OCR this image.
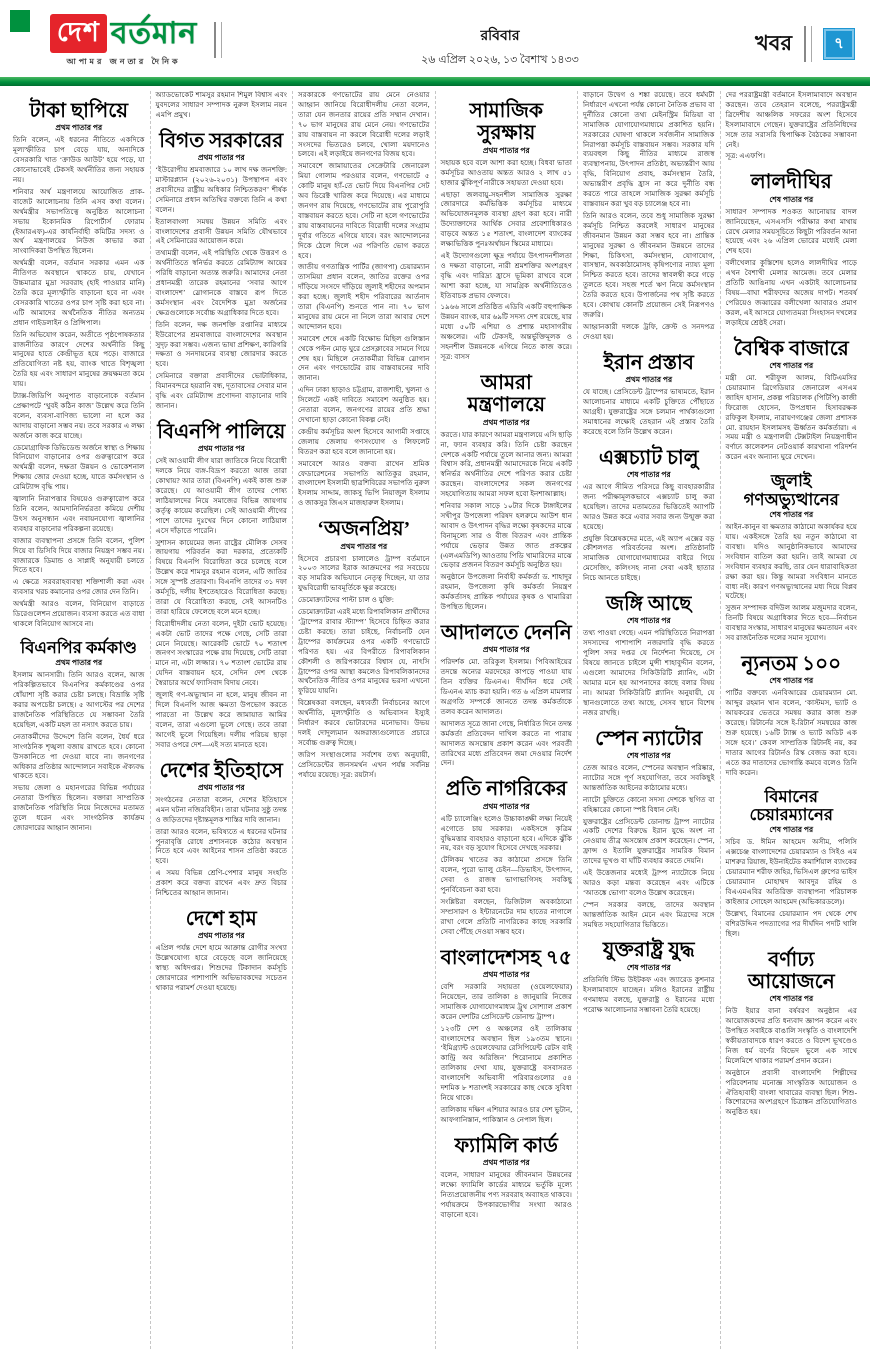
দেশ বর্তমান
আপামর জনতার দৈনিক
রবিবার
২৬ এপ্রিল ২০২৬, ১৩ বৈশাখ ১৪৩৩
খবর	৭
টাকা ছাপিয়ে
প্রথম পাতার পর

তিনি বলেন, এই ধরনের নীতিতে একদিকে মূল্যস্ফীতির চাপ বেড়ে যায়, অন্যদিকে বেসরকারি খাত ‘ক্রাউড আউট’ হয়ে পড়ে, যা কোনোভাবেই টেকসই অর্থনীতির জন্য সহায়ক নয়।

শনিবার অর্থ মন্ত্রণালয়ে আয়োজিত প্রাক-বাজেট আলোচনায় তিনি এসব কথা বলেন। অর্থমন্ত্রীর সভাপতিত্বে অনুষ্ঠিত আলোচনা সভায় ইকোনমিক রিপোর্টার্স ফোরাম (ইআরএফ)-এর কার্যনির্বাহী কমিটির সদস্য ও অর্থ মন্ত্রণালয়ের নিউজ কাভার করা সাংবাদিকরা উপস্থিত ছিলেন।

অর্থমন্ত্রী বলেন, বর্তমান সরকার এমন এক নীতিগত অবস্থানে থাকতে চায়, যেখানে উচ্চমাত্রার মুদ্রা সরবরাহ (হাই পাওয়ার মানি) তৈরি করে মূল্যস্ফীতি বাড়ানো হবে না এবং বেসরকারি খাতের ওপর চাপ সৃষ্টি করা হবে না। এটি আমাদের অর্থনৈতিক নীতির অন্যতম প্রধান গাইডলাইন ও প্রিন্সিপাল।

তিনি অভিযোগ করেন, অতীতে পৃষ্ঠপোষকতার রাজনীতির কারণে দেশের অর্থনীতি কিছু মানুষের হাতে কেন্দ্রীভূত হয়ে পড়ে। বাজারে প্রতিযোগিতা নষ্ট হয়, ব্যাংক খাতে বিশৃঙ্খলা তৈরি হয় এবং সাধারণ মানুষের ক্রয়ক্ষমতা কমে যায়।

ট্যাক্স-জিডিপি অনুপাত বাড়ানোকে বর্তমান প্রেক্ষাপটে ‘খুবই কঠিন কাজ’ উল্লেখ করে তিনি বলেন, ব্যবসা-বাণিজ্য ভালো না হলে কর আদায় বাড়ানো সম্ভব নয়। তবে সরকার এ লক্ষ্য অর্জনে কাজ করে যাচ্ছে।

ডেমোগ্রাফিক ডিভিডেন্ড অর্জনে স্বাস্থ্য ও শিক্ষায় বিনিয়োগ বাড়ানোর ওপর গুরুত্বারোপ করে অর্থমন্ত্রী বলেন, দক্ষতা উন্নয়ন ও ভোকেশনাল শিক্ষায় জোর দেওয়া হচ্ছে, যাতে কর্মসংস্থান ও রেমিট্যান্স বৃদ্ধি পায়।

জ্বালানি নিরাপত্তার বিষয়েও গুরুত্বারোপ করে তিনি বলেন, আমদানিনির্ভরতা কমিয়ে দেশীয় উৎস অনুসন্ধান এবং নবায়নযোগ্য জ্বালানির ব্যবহার বাড়ানোর পরিকল্পনা রয়েছে।

বাজার ব্যবস্থাপনা প্রসঙ্গে তিনি বলেন, পুলিশ দিয়ে বা ডিসিবি দিয়ে বাজার নিয়ন্ত্রণ সম্ভব নয়। বাজারকে ডিমান্ড ও সাপ্লাই অনুযায়ী চলতে দিতে হবে।

এ ক্ষেত্রে সরবরাহব্যবস্থা শক্তিশালী করা এবং ব্যবসার খরচ কমানোর ওপর জোর দেন তিনি।

অর্থমন্ত্রী আরও বলেন, বিনিয়োগ বাড়াতে ডিরেগুলেশন প্রয়োজন। ব্যবসা করতে এত বাধা থাকলে বিনিয়োগ আসবে না।

বিএনপির কর্মকাণ্ড
প্রথম পাতার পর

ইসলাম আনসারী। তিনি আরও বলেন, আজ পরিকল্পিতভাবে বিএনপির কর্মকাণ্ডের ওপর ধোঁয়াশা সৃষ্টি করার চেষ্টা চলছে। বিভ্রান্তি সৃষ্টি করার অপচেষ্টা চলছে। ৫ আগস্টের পর দেশের রাজনৈতিক পরিস্থিতিতে যে সম্ভাবনা তৈরি হয়েছিল, একটি মহল তা নস্যাৎ করতে চায়।

নেতাকর্মীদের উদ্দেশে তিনি বলেন, ধৈর্য ধরে সাংগঠনিক শৃঙ্খলা বজায় রাখতে হবে। কোনো উসকানিতে পা দেওয়া যাবে না। জনগণের অধিকার প্রতিষ্ঠার আন্দোলনে সবাইকে ঐক্যবদ্ধ থাকতে হবে।

সভায় জেলা ও মহানগরের বিভিন্ন পর্যায়ের নেতারা উপস্থিত ছিলেন। বক্তারা সাম্প্রতিক রাজনৈতিক পরিস্থিতি নিয়ে নিজেদের মতামত তুলে ধরেন এবং সাংগঠনিক কার্যক্রম জোরদারের আহ্বান জানান।

অ্যাডভোকেট শামসুর রহমান শিমুল বিশ্বাস এবং যুবদলের সাধারণ সম্পাদক নুরুল ইসলাম নয়ন এমপি প্রমুখ।

বিগত সরকারের
প্রথম পাতার পর

‘ইউরোপীয় শ্রমবাজারে ১০ লাখ দক্ষ জনশক্তি: মাস্টারপ্ল্যান (২০২৬-২০৩১) উপস্থাপন এবং প্রবাসীদের রাষ্ট্রীয় অধিকার নিশ্চিতকরণ’ শীর্ষক সেমিনারে প্রধান অতিথির বক্তব্যে তিনি এ কথা বলেন।

ইতালবাংলা সমন্বয় উন্নয়ন সমিতি এবং বাংলাদেশের প্রবাসী উন্নয়ন সমিতি যৌথভাবে এই সেমিনারের আয়োজন করে।

তথ্যমন্ত্রী বলেন, এই পরিস্থিতি থেকে উত্তরণ ও অর্থনীতিতে স্বনির্ভর করতে রেমিট্যান্স আয়ের পরিধি বাড়ানো অত্যন্ত জরুরি। আমাদের নেতা প্রধানমন্ত্রী তারেক রহমানের ‘সবার আগে বাংলাদেশ’ স্লোগানকে বাস্তবে রূপ দিতে কর্মসংস্থান এবং বৈদেশিক মুদ্রা অর্জনের ক্ষেত্রগুলোকে সর্বোচ্চ অগ্রাধিকার দিতে হবে।

তিনি বলেন, দক্ষ জনশক্তি রপ্তানির মাধ্যমে ইউরোপের শ্রমবাজারে বাংলাদেশের অবস্থান সুদৃঢ় করা সম্ভব। এজন্য ভাষা প্রশিক্ষণ, কারিগরি দক্ষতা ও সনদায়নের ব্যবস্থা জোরদার করতে হবে।

সেমিনারে বক্তারা প্রবাসীদের ভোটাধিকার, বিমানবন্দরে হয়রানি বন্ধ, দূতাবাসের সেবার মান বৃদ্ধি এবং রেমিট্যান্স প্রণোদনা বাড়ানোর দাবি জানান।

বিএনপি পালিয়ে
প্রথম পাতার পর

সেই আওয়ামী লীগ যারা জাতিকে নিয়ে বিরোধী দলকে নিয়ে ব্যঙ্গ-বিদ্রূপ করতো আজ তারা কোথায়? আর তারা (বিএনপি) একই কাজ শুরু করেছে। যে আওয়ামী লীগ তাদের পোষ্য লাঠিয়ালদের নিয়ে সমাজের বিভিন্ন জায়গায় কর্তৃত্ব কায়েম করেছিল। সেই আওয়ামী লীগের পাশে তাদের দুঃখের দিনে কোনো লাঠিয়াল এসে দাঁড়াতে পারেনি।

সুশাসন কায়েমের জন্য রাষ্ট্রের মৌলিক সেসব জায়গায় পরিবর্তন করা দরকার, প্রত্যেকটি বিষয়ে বিএনপি বিরোধিতা করে চলেছে বলে উল্লেখ করে শামসুর রহমান বলেন, এটি জাতির সঙ্গে সুস্পষ্ট প্রতারণা। বিএনপি তাদের ৩১ দফা কর্মসূচি, দলীয় ইশতেহারেও বিরোধিতা করছে। তারা যে বিরোধিতা করছে, সেই আসনটিও তারা হারিয়ে ফেলেছে বলে মনে হচ্ছে।

বিরোধীদলীয় নেতা বলেন, দুইটা ভোট হয়েছে। একটা ভোট তাদের পক্ষে গেছে, সেটি তারা মেনে নিয়েছে। আরেকটি ভোটে ৭০ শতাংশ জনগণ সংস্কারের পক্ষে রায় দিয়েছে, সেটি তারা মানে না, এটা লজ্জার। ৭০ শতাংশ ভোটের রায় যেদিন বাস্তবায়ন হবে, সেদিন দেশ থেকে স্বৈরাচার অর্থে ফ্যাসিবাদ বিদায় নেবে।

জুলাই গণ-অভ্যুত্থান না হলে, মানুষ জীবন না দিলে বিএনপি আজ ক্ষমতা উপভোগ করতে পারতো না উল্লেখ করে জামায়াত আমির বলেন, তারা এগুলো ভুলে গেছে। তবে তারা আগেই ভুলে গিয়েছিল। দলীয় পরিচয় ছাড়া সবার ওপরে দেশ—এই সত্য মানতে হবে।

দেশের ইতিহাসে
প্রথম পাতার পর

সংগঠনের নেতারা বলেন, দেশের ইতিহাসে এমন ঘটনা নজিরবিহীন। তারা ঘটনার সুষ্ঠু তদন্ত ও জড়িতদের দৃষ্টান্তমূলক শাস্তির দাবি জানান।

তারা আরও বলেন, ভবিষ্যতে এ ধরনের ঘটনার পুনরাবৃত্তি রোধে প্রশাসনকে কঠোর অবস্থান নিতে হবে এবং আইনের শাসন প্রতিষ্ঠা করতে হবে।

এ সময় বিভিন্ন শ্রেণি-পেশার মানুষ সংহতি প্রকাশ করে বক্তব্য রাখেন এবং দ্রুত বিচার নিশ্চিতের আহ্বান জানান।

দেশে হাম
প্রথম পাতার পর

এপ্রিল পর্যন্ত দেশে হামে আক্রান্ত রোগীর সংখ্যা উল্লেখযোগ্য হারে বেড়েছে বলে জানিয়েছে স্বাস্থ্য অধিদপ্তর। শিশুদের টিকাদান কর্মসূচি জোরদারের পাশাপাশি অভিভাবকদের সচেতন থাকার পরামর্শ দেওয়া হয়েছে।

সরকারকে গণভোটের রায় মেনে নেওয়ার আহ্বান জানিয়ে বিরোধীদলীয় নেতা বলেন, তারা যেন জনতার রায়ের প্রতি সম্মান দেখান। ৭০ ভাগ মানুষের রায় মেনে নেয়। গণভোটের রায় বাস্তবায়ন না করলে বিরোধী দলের লড়াই সংসদের ভিতরেও চলবে, খোলা ময়দানেও চলবে। এই লড়াইয়ে জনগণের বিজয় হবে।

সমাবেশে জামায়াতের সেক্রেটারি জেনারেল মিয়া গোলাম পরওয়ার বলেন, গণভোটে ৫ কোটি মানুষ হ্যাঁ-তে ভোট দিয়ে বিএনপির সেট অব ডিরেক্ট খারিজ করে দিয়েছে। এর মাধ্যমে জনগণ রায় দিয়েছে, গণভোটের রায় পুরোপুরি বাস্তবায়ন করতে হবে। সেটি না হলে গণভোটের রায় বাস্তবায়নের দাবিতে বিরোধী দলের সংগ্রাম দুর্বার গতিতে এগিয়ে যাবে। বরং আন্দোলনের দিকে ঠেলে দিলে এর পরিণতি ভোগ করতে হবে।

জাতীয় গণতান্ত্রিক পার্টির (জাগপা) চেয়ারম্যান তাসমিয়া প্রধান বলেন, জাতির রক্তের ওপর দাঁড়িয়ে সংসদে দাঁড়িয়ে জুলাই শহীদের অপমান করা হচ্ছে। জুলাই শহীদ পরিবারের আর্তনাদ তারা (বিএনপি) শুনতে পান না। ৭০ ভাগ মানুষের রায় মেনে না নিলে তারা আবার দেশে আন্দোলন হবে।

সমাবেশ শেষে একটি বিক্ষোভ মিছিল গুলিস্তান থেকে পল্টন মোড় ঘুরে প্রেসক্লাবের সামনে গিয়ে শেষ হয়। মিছিলে নেতাকর্মীরা বিভিন্ন স্লোগান দেন এবং গণভোটের রায় বাস্তবায়নের দাবি জানান।

এদিন ঢাকা ছাড়াও চট্টগ্রাম, রাজশাহী, খুলনা ও সিলেটে একই দাবিতে সমাবেশ অনুষ্ঠিত হয়। নেতারা বলেন, জনগণের রায়ের প্রতি শ্রদ্ধা দেখানো ছাড়া কোনো বিকল্প নেই।

কেন্দ্রীয় কর্মসূচির অংশ হিসেবে আগামী সপ্তাহে জেলায় জেলায় গণসংযোগ ও লিফলেট বিতরণ করা হবে বলে জানানো হয়।

সমাবেশে আরও বক্তব্য রাখেন শ্রমিক ফেডারেশনের সভাপতি আতিকুর রহমান, বাংলাদেশ ইসলামী ছাত্রশিবিরের সভাপতি নুরুল ইসলাম সাদ্দাম, জাকসু ভিপি নিয়াজুল ইসলাম ও জাকসুর জিএস মাজহারুল ইসলাম।

‘অজনপ্রিয়’
প্রথম পাতার পর

হিসেবে প্রচারণা চালালেও ট্রাম্প বর্তমানে ২০০৩ সালের ইরাক আক্রমণের পর সবচেয়ে বড় সামরিক অভিযানে নেতৃত্ব দিচ্ছেন, যা তার যুদ্ধবিরোধী ভাবমূর্তিকে ক্ষুণ্ণ করেছে।

ডেমোক্র্যাটদের পাল্টা চাল ও যুক্তি:

ডেমোক্র্যাটরা এরই মধ্যে রিপাবলিকান প্রার্থীদের ‘ট্রাম্পের রাবার স্ট্যাম্প’ হিসেবে চিহ্নিত করার চেষ্টা করছে। তারা চাইছে, নির্বাচনটি যেন ট্রাম্পের কার্যক্রমের ওপর একটি গণভোটে পরিণত হয়। এর বিপরীতে রিপাবলিকান কৌশলী ও জরিপকারের বিশ্বাস যে, নাৎসি ট্রাম্পের ওপর আস্থা কমলেও রিপাবলিকানদের অর্থনৈতিক নীতির ওপর মানুষের ভরসা এখনো ফুরিয়ে যায়নি।

বিশ্লেষকরা বলছেন, মধ্যবর্তী নির্বাচনের আগে অর্থনীতি, মূল্যস্ফীতি ও অভিবাসন ইস্যুই নির্ধারণ করবে ভোটারদের মনোভাব। উভয় দলই দোদুল্যমান অঙ্গরাজ্যগুলোতে প্রচারে সর্বোচ্চ গুরুত্ব দিচ্ছে।

জরিপ সংস্থাগুলোর সর্বশেষ তথ্য অনুযায়ী, প্রেসিডেন্টের জনসমর্থন এখন পর্যন্ত সর্বনিম্ন পর্যায়ে রয়েছে। সূত্র: রয়টার্স।

সামাজিক সুরক্ষায়
প্রথম পাতার পর

সহায়ক হবে বলে আশা করা হচ্ছে। বিধবা ভাতা কর্মসূচির আওতায় অন্তত আরও ২ লাখ ৫১ হাজার ঝুঁকিপূর্ণ নারীকে সহায়তা দেওয়া হবে।

এছাড়া জলবায়ু-সহনশীল সামাজিক সুরক্ষা জোরদারে কর্মভিত্তিক কর্মসূচির মাধ্যমে অভিযোজনমূলক ব্যবস্থা গ্রহণ করা হবে। নারী উদ্যোক্তাদের আর্থিক সেবার প্রবেশাধিকারও বাড়বে অন্তত ১৫ শতাংশ, বাংলাদেশ ব্যাংকের লক্ষ্যভিত্তিক পুনঃঅর্থায়ন স্কিমের মাধ্যমে।

এই উদ্যোগগুলো ক্ষুদ্র পর্যায়ে উৎপাদনশীলতা ও দক্ষতা বাড়ানো, নারী শ্রমশক্তির অংশগ্রহণ বৃদ্ধি এবং দারিদ্র্য হ্রাসে ভূমিকা রাখবে বলে আশা করা হচ্ছে, যা সামগ্রিক অর্থনীতিতেও ইতিবাচক প্রভাব ফেলবে।

১৯৬৬ সালে প্রতিষ্ঠিত এডিবি একটি বহুপাক্ষিক উন্নয়ন ব্যাংক, যার ৬৯টি সদস্য দেশ রয়েছে, যার মধ্যে ৫০টি এশিয়া ও প্রশান্ত মহাসাগরীয় অঞ্চলের। এটি টেকসই, অন্তর্ভুক্তিমূলক ও সহনশীল উন্নয়নকে এগিয়ে নিতে কাজ করে। সূত্র: বাসস

আমরা মন্ত্রণালয়ে
প্রথম পাতার পর

করতে। যার কারণে আমরা মন্ত্রণালয়ে এসি ছাড়ি না, ফ্যান ব্যবহার করি। তিনি চেষ্টা করছেন দেশকে একটি পর্যায়ে তুলে আনার জন্য। আমরা বিশ্বাস করি, প্রধানমন্ত্রী আমাদেরকে নিয়ে একটি স্বনির্ভর অর্থনীতির দেশে পরিণত করার চেষ্টা করছেন। বাংলাদেশের সকল জনগণের সহযোগিতায় আমরা সফল হবো ইনশাআল্লাহ।

শনিবার সকাল সাড়ে ১০টার দিকে টাঙ্গাইলের সখীপুর উপজেলা পরিষদ হলরুমে আউশ ধান আবাদ ও উৎপাদন বৃদ্ধির লক্ষ্যে কৃষকদের মাঝে বিনামূল্যে সার ও বীজ বিতরণ এবং প্রান্তিক পর্যায়ে ভেড়ার উন্নত জাত প্রকল্পের (এলএমডিপি) আওতায় পিডি খামারিদের মাঝে ভেড়ার প্রজনন বিতরণ কর্মসূচি অনুষ্ঠিত হয়।

অনুষ্ঠানে উপজেলা নির্বাহী কর্মকর্তা ড. শাহাদুর রহমান, উপজেলা কৃষি কর্মকর্তা নিয়ন্ত্রণ কর্মকর্তাসহ প্রান্তিক পর্যায়ের কৃষক ও খামারিরা উপস্থিত ছিলেন।

আদালতে দেননি
প্রথম পাতার পর

পরিদর্শক মো. তরিকুল ইসলাম। পিবিআইয়ের তদন্তে অন্যের মরদেহের কাপড়ে পাওয়া যায় তিন ব্যক্তির ডিএনএ। দীর্ঘদিন ধরে সেই ডিএনএ ম্যাচ করা হয়নি। গত ৬ এপ্রিল মামলার অগ্রগতি সম্পর্কে জানতে তদন্ত কর্মকর্তাকে তলব করেন আদালত।

আদালত সূত্রে জানা গেছে, নির্ধারিত দিনে তদন্ত কর্মকর্তা প্রতিবেদন দাখিল করতে না পারায় আদালত অসন্তোষ প্রকাশ করেন এবং পরবর্তী তারিখের মধ্যে প্রতিবেদন জমা দেওয়ার নির্দেশ দেন।

প্রতি নাগরিকের
প্রথম পাতার পর

এটি চ্যালেঞ্জিং হলেও উচ্চাকাঙ্ক্ষী লক্ষ্য নিয়েই এগোতে চায় সরকার। একইসঙ্গে কৃত্রিম বুদ্ধিমত্তার ব্যবহারও বাড়ানো হবে। এদিকে ঝুঁকি নয়, বরং বড় সুযোগ হিসেবে দেখছে সরকার।

টেলিকম খাতের কর কাঠামো প্রসঙ্গে তিনি বলেন, পুরো ভ্যালু চেইন—ডিভাইস, উৎপাদন, সেবা ও রাজস্ব ভাগাভাগিসহ সবকিছু পুনর্বিবেচনা করা হবে।

সংশ্লিষ্টরা বলছেন, ডিজিটাল অবকাঠামো সম্প্রসারণ ও ইন্টারনেটের দাম হাতের নাগালে রাখা গেলে প্রতিটি নাগরিকের কাছে সরকারি সেবা পৌঁছে দেওয়া সম্ভব হবে।

বাংলাদেশসহ ৭৫
প্রথম পাতার পর

বেশি সরকারি সহায়তা (ওয়েলফেয়ার) নিয়েছেন, তার তালিকা ৪ জানুয়ারি নিজের সামাজিক যোগাযোগমাধ্যম ট্রুথ সোশ্যাল প্রকাশ করেন দেশটির প্রেসিডেন্ট ডোনাল্ড ট্রাম্প।

১২৩টি দেশ ও অঞ্চলের ওই তালিকায় বাংলাদেশের অবস্থান ছিল ১৯৩তম স্থানে। ‘ইমিগ্র্যান্ট ওয়েলফেয়ার রেসিপিয়েন্ট রেটস বাই কান্ট্রি অব অরিজিন’ শিরোনামে প্রকাশিত তালিকায় দেখা যায়, যুক্তরাষ্ট্রে বসবাসরত বাংলাদেশি অভিবাসী পরিবারগুলোর ৫৪ দশমিক ৮ শতাংশই সরকারের কাছ থেকে সুবিধা নিয়ে থাকে।

তালিকায় দক্ষিণ এশিয়ার আরও চার দেশ ভুটান, আফগানিস্তান, পাকিস্তান ও নেপাল ছিল।

ফ্যামিলি কার্ড
প্রথম পাতার পর

বলেন, সাধারণ মানুষের জীবনমান উন্নয়নের লক্ষ্যে ফ্যামিলি কার্ডের মাধ্যমে ভর্তুকি মূল্যে নিত্যপ্রয়োজনীয় পণ্য সরবরাহ অব্যাহত থাকবে। পর্যায়ক্রমে উপকারভোগীর সংখ্যা আরও বাড়ানো হবে।

বাড়ানে উদ্বেগ ও শঙ্কা রয়েছে। তবে ধর্মঘটী নির্ধারণে এখনো পর্যন্ত কোনো নৈতিক প্রভাব বা দুর্নীতির কোনো তথ্য মেইনস্ট্রিম মিডিয়া বা সামাজিক যোগাযোগমাধ্যমে প্রকাশিত হয়নি। সরকারের ঘোষণা থাকলে সর্বজনীন সামাজিক নিরাপত্তা কর্মসূচি বাস্তবায়ন সম্ভব। সরকার যদি ব্যয়বহুল কিছু নীতির মাধ্যমে রাজস্ব ব্যবস্থাপনায়, উৎপাদন প্রতিষ্ঠা, অভ্যন্তরীণ আয় বৃদ্ধি, বিনিয়োগ প্রবাহ, কর্মসংস্থান তৈরি, অভ্যন্তরীণ প্রবৃদ্ধি হ্রাস না করে দুর্নীতি বন্ধ করতে পারে তাহলে সামাজিক সুরক্ষা কর্মসূচি বাস্তবায়ন করা খুব বড় চ্যালেঞ্জ হবে না।

তিনি আরও বলেন, তবে শুধু সামাজিক সুরক্ষা কর্মসূচি নিশ্চিত করলেই সাধারণ মানুষের জীবনমান উন্নয়ন করা সম্ভব হবে না। প্রান্তিক মানুষের সুরক্ষা ও জীবনমান উন্নয়নে তাদের শিক্ষা, চিকিৎসা, কর্মসংস্থান, যোগাযোগ, বাসস্থান, অবকাঠামোসহ কৃষিপণ্যের ন্যায্য মূল্য নিশ্চিত করতে হবে। তাদের স্বাবলম্বী করে গড়ে তুলতে হবে। সহজ শর্তে ঋণ নিয়ে কর্মসংস্থান তৈরি করতে হবে। উপার্জনের পথ সৃষ্টি করতে হবে। কোথায় কোনটি প্রয়োজন সেই নিরূপণও জরুরি।

আহ্বানকারী দলকে ট্রফি, ক্রেস্ট ও সনদপত্র দেওয়া হয়।

ইরান প্রস্তাব
প্রথম পাতার পর

যে যাচ্ছে। প্রেসিডেন্ট ট্রাম্পের ভাষ্যমতে, ইরান আলোচনার মাধ্যমে একটি চুক্তিতে পৌঁছাতে আগ্রহী। যুক্তরাষ্ট্রের সঙ্গে চলমান পার্থক্যগুলো সমাধানের লক্ষ্যেই তেহরান এই প্রস্তাব তৈরি করেছে বলে তিনি উল্লেখ করেন।

এক্সচ্যাট চালু
শেষ পাতার পর

এর আগে সীমিত পরিসরে কিছু ব্যবহারকারীর জন্য পরীক্ষামূলকভাবে এক্সচ্যাট চালু করা হয়েছিল। তাদের মতামতের ভিত্তিতেই অ্যাপটি আরও উন্নত করে এবার সবার জন্য উন্মুক্ত করা হয়েছে।

প্রযুক্তি বিশ্লেষকদের মতে, এই অ্যাপ এক্সের বড় কৌশলগত পরিবর্তনের অংশ। প্রতিষ্ঠানটি সামাজিক যোগাযোগমাধ্যমের বাইরে গিয়ে মেসেজিং, কলিংসহ নানা সেবা একই ছাতার নিচে আনতে চাইছে।

জঙ্গি আছে
শেষ পাতার পর

তথ্য পাওয়া গেছে। এমন পরিস্থিতিতে নিরাপত্তা সদস্যদের পাশাপাশি নজরদারি বৃদ্ধি করতে পুলিশ সদর দপ্তর যে নির্দেশনা দিয়েছে, সে বিষয়ে জানতে চাইলে মুন্সী শাহাবুদ্দীন বলেন, এগুলো আমাদের সিকিউরিটি প্ল্যানিং, এটা আমার মনে হয় আপনাদের কাছে বলার বিষয় না। আমরা সিকিউরিটি প্ল্যানিং অনুযায়ী, যে স্থানগুলোতে তথ্য আছে, সেসব স্থানে বিশেষ নজর রাখছি।

স্পেন ন্যাটোর
শেষ পাতার পর

তেজ আরও বলেন, স্পেনের অবস্থান পরিষ্কার, ন্যাটোর সঙ্গে পূর্ণ সহযোগিতা, তবে সবকিছুই আন্তর্জাতিক আইনের কাঠামোর মধ্যে।

ন্যাটো চুক্তিতে কোনো সদস্য দেশকে স্থগিত বা বহিষ্কারের কোনো স্পষ্ট বিধান নেই।

যুক্তরাষ্ট্রের প্রেসিডেন্ট ডোনাল্ড ট্রাম্প ন্যাটোর একটি দেশের বিরুদ্ধে ইরান যুদ্ধে অংশ না নেওয়ায় তীব্র অসন্তোষ প্রকাশ করেছেন। স্পেন, ফ্রান্স ও ইতালি যুক্তরাষ্ট্রের সামরিক বিমান তাদের ভূখণ্ড বা ঘাঁটি ব্যবহার করতে দেয়নি।

এই উত্তেজনার মধ্যেই ট্রাম্প ন্যাটোকে নিয়ে আরও কড়া মন্তব্য করেছেন এবং এটিকে ‘আতঙ্কে ভোগা’ বলেও উল্লেখ করেছেন।

স্পেন সরকার বলছে, তাদের অবস্থান আন্তর্জাতিক আইন মেনে এবং মিত্রদের সঙ্গে সমন্বিত সহযোগিতার ভিত্তিতে।

যুক্তরাষ্ট্র যুদ্ধ
শেষ পাতার পর

প্রতিনিধি স্টিভ উইটকফ এবং জ্যারেড কুশনার ইসলামাবাদে যাচ্ছেন। মলিও ইরানের রাষ্ট্রীয় গণমাধ্যম বলছে, যুক্তরাষ্ট্র ও ইরানের মধ্যে পরোক্ষ আলোচনার সম্ভাবনা তৈরি হয়েছে।

দের পররাষ্ট্রমন্ত্রী বর্তমানে ইসলামাবাদে অবস্থান করছেন। তবে তেহরান বলেছে, পররাষ্ট্রমন্ত্রী ত্রিদেশীয় আঞ্চলিক সফরের অংশ হিসেবে ইসলামাবাদে গেছেন। যুক্তরাষ্ট্রের প্রতিনিধিদের সঙ্গে তার সরাসরি দ্বিপাক্ষিক বৈঠকের সম্ভাবনা নেই।

সূত্র: এএফপি।

লালদীঘির
শেষ পাতার পর

সাধারণ সম্পাদক শওকত আনোয়ার বাদল জানিয়েছেন, এসএসসি পরীক্ষার কথা মাথায় রেখে মেলার সময়সূচিতে কিছুটা পরিবর্তন আনা হয়েছে এবং ২৬ এপ্রিল ভোরের মধ্যেই মেলা শেষ হবে।

বলীখেলার কুস্তিশেষ হলেও লালদীঘির পাড়ে এখন বৈশাখী মেলার আমেজ। তবে মেলার প্রতিটি আঙিনায় এখন একটাই আলোচনার বিষয়—বাঘা শরীফদের অজেয় দাপট। শতবর্ষ পেরিয়েও জব্বারের বলীখেলা আবারও প্রমাণ করল, এই আসরে যোগ্যতমরা সিংহাসন দখলের লড়াইয়ে শ্রেষ্ঠই সেরা।

বৈশ্বিক বাজারে
শেষ পাতার পর

মন্ত্রী মো. শরীফুল আলম, বিটিএমসির চেয়ারম্যান ব্রিগেডিয়ার জেনারেল এসএম জাহিদ হাসান, প্রকল্প পরিচালক (পিটিপি) কাজী ফিরোজ হোসেন, উপপ্রধান হিসাবরক্ষক রফিকুল ইসলাম, নারায়ণগঞ্জের জেলা প্রশাসক মো. রায়হান ইসলামসহ ঊর্ধ্বতন কর্মকর্তারা। এ সময় মন্ত্রী ও মন্ত্রণালয়ী টেক্সটাইল নিয়ন্ত্রণাধীন বর্ণাঢ্য কালেকশন নেটওয়ার্ক কারখানা পরিদর্শন করেন এবং অন্যান্য ঘুরে দেখেন।

জুলাই গণঅভ্যুত্থানের
শেষ পাতার পর

আইন-কানুন বা ক্ষমতার কাঠামো অকার্যকর হয়ে যায়। একইসঙ্গে তৈরি হয় নতুন কাঠামো বা ব্যবস্থা। যদিও আনুষ্ঠানিকভাবে আমাদের সংবিধান বাতিল করা হয়নি। তাই আমরা যে সংবিধান ব্যবহার করছি, তার যেন ধারাবাহিকতা রক্ষা করা হয়। কিন্তু আমরা সংবিধান মানতে বাধ্য নই। কারণ গণঅভ্যুত্থানের মধ্য দিয়ে বিপ্লব ঘটেছে।

সুজন সম্পাদক বদিউল আলম মজুমদার বলেন, তিনটি বিষয়ে অগ্রাধিকার দিতে হবে—নির্বাচন ব্যবস্থার সংস্কার, সাধারণ মানুষের ক্ষমতায়ন এবং সব রাজনৈতিক দলের সমান সুযোগ।

ন্যূনতম ১০০
শেষ পাতার পর

পার্টির বক্তব্যে এনবিআরের চেয়ারম্যান মো. আব্দুর রহমান খান বলেন, ‘কাস্টমস, ভ্যাট ও আয়করের ভেতরে সমন্বয় করার কাজ শুরু করেছে। রিটার্নের সঙ্গে ই-রিটার্ন সমন্বয়ের কাজ শুরু হয়েছে। ১৬টি ট্যাক্স ও ভ্যাট অডিট এক সঙ্গে হবে।’ কেবল সাম্প্রতিক রিটার্নই নয়, কর দাতার আগের রিটার্নও রিস্ক বেজড করা হবে। এতে কর দাতাদের ভোগান্তি কমবে বলেও তিনি দাবি করেন।

বিমানের চেয়ারম্যানের
শেষ পাতার পর

সচিব ড. ঈমিন আহমেদ অসীম, পলিসি এক্সচেঞ্জ বাংলাদেশের চেয়ারম্যান ও সিইও এম মাশরুর রিয়াজ, ইউনাইটেড কমার্শিয়াল ব্যাংকের চেয়ারম্যান শরীফ জহির, ভিসিএল গ্রুপের ভাইস চেয়ারম্যান মোহাম্মদ আবদুর রহিম ও বিএএমএবির অতিরিক্ত ব্যবস্থাপনা পরিচালক কাইজার সোহেল আহমেদ (অভিকারডলে)।

উল্লেখ্য, বিমানের চেয়ারম্যান পদ থেকে শেখ বশিরউদ্দিন পদত্যাগের পর দীর্ঘদিন পদটি খালি ছিল।

বর্ণাঢ্য আয়োজনে
শেষ পাতার পর

নিউ ইয়ার বানা বর্ষবরণ অনুষ্ঠান এর আয়োজকদের প্রতি ধন্যবাদ জ্ঞাপন করেন এবং উপস্থিত সবাইকে বাঙালি সংস্কৃতি ও বাংলাদেশি স্বকীয়তাবাদকে ধারণ করতে ও বিদেশ ভূখণ্ডেও নিজ ধর্ম বর্ণের বিভেদ ভুলে এক সাথে মিলেমিশে থাকার পরামর্শ প্রদান করেন।

অনুষ্ঠানে প্রবাসী বাংলাদেশি শিল্পীদের পরিবেশনায় মনোজ্ঞ সাংস্কৃতিক আয়োজন ও ঐতিহ্যবাহী বাংলা খাবারের ব্যবস্থা ছিল। শিশু-কিশোরদের অংশগ্রহণে চিত্রাঙ্কন প্রতিযোগিতাও অনুষ্ঠিত হয়।
